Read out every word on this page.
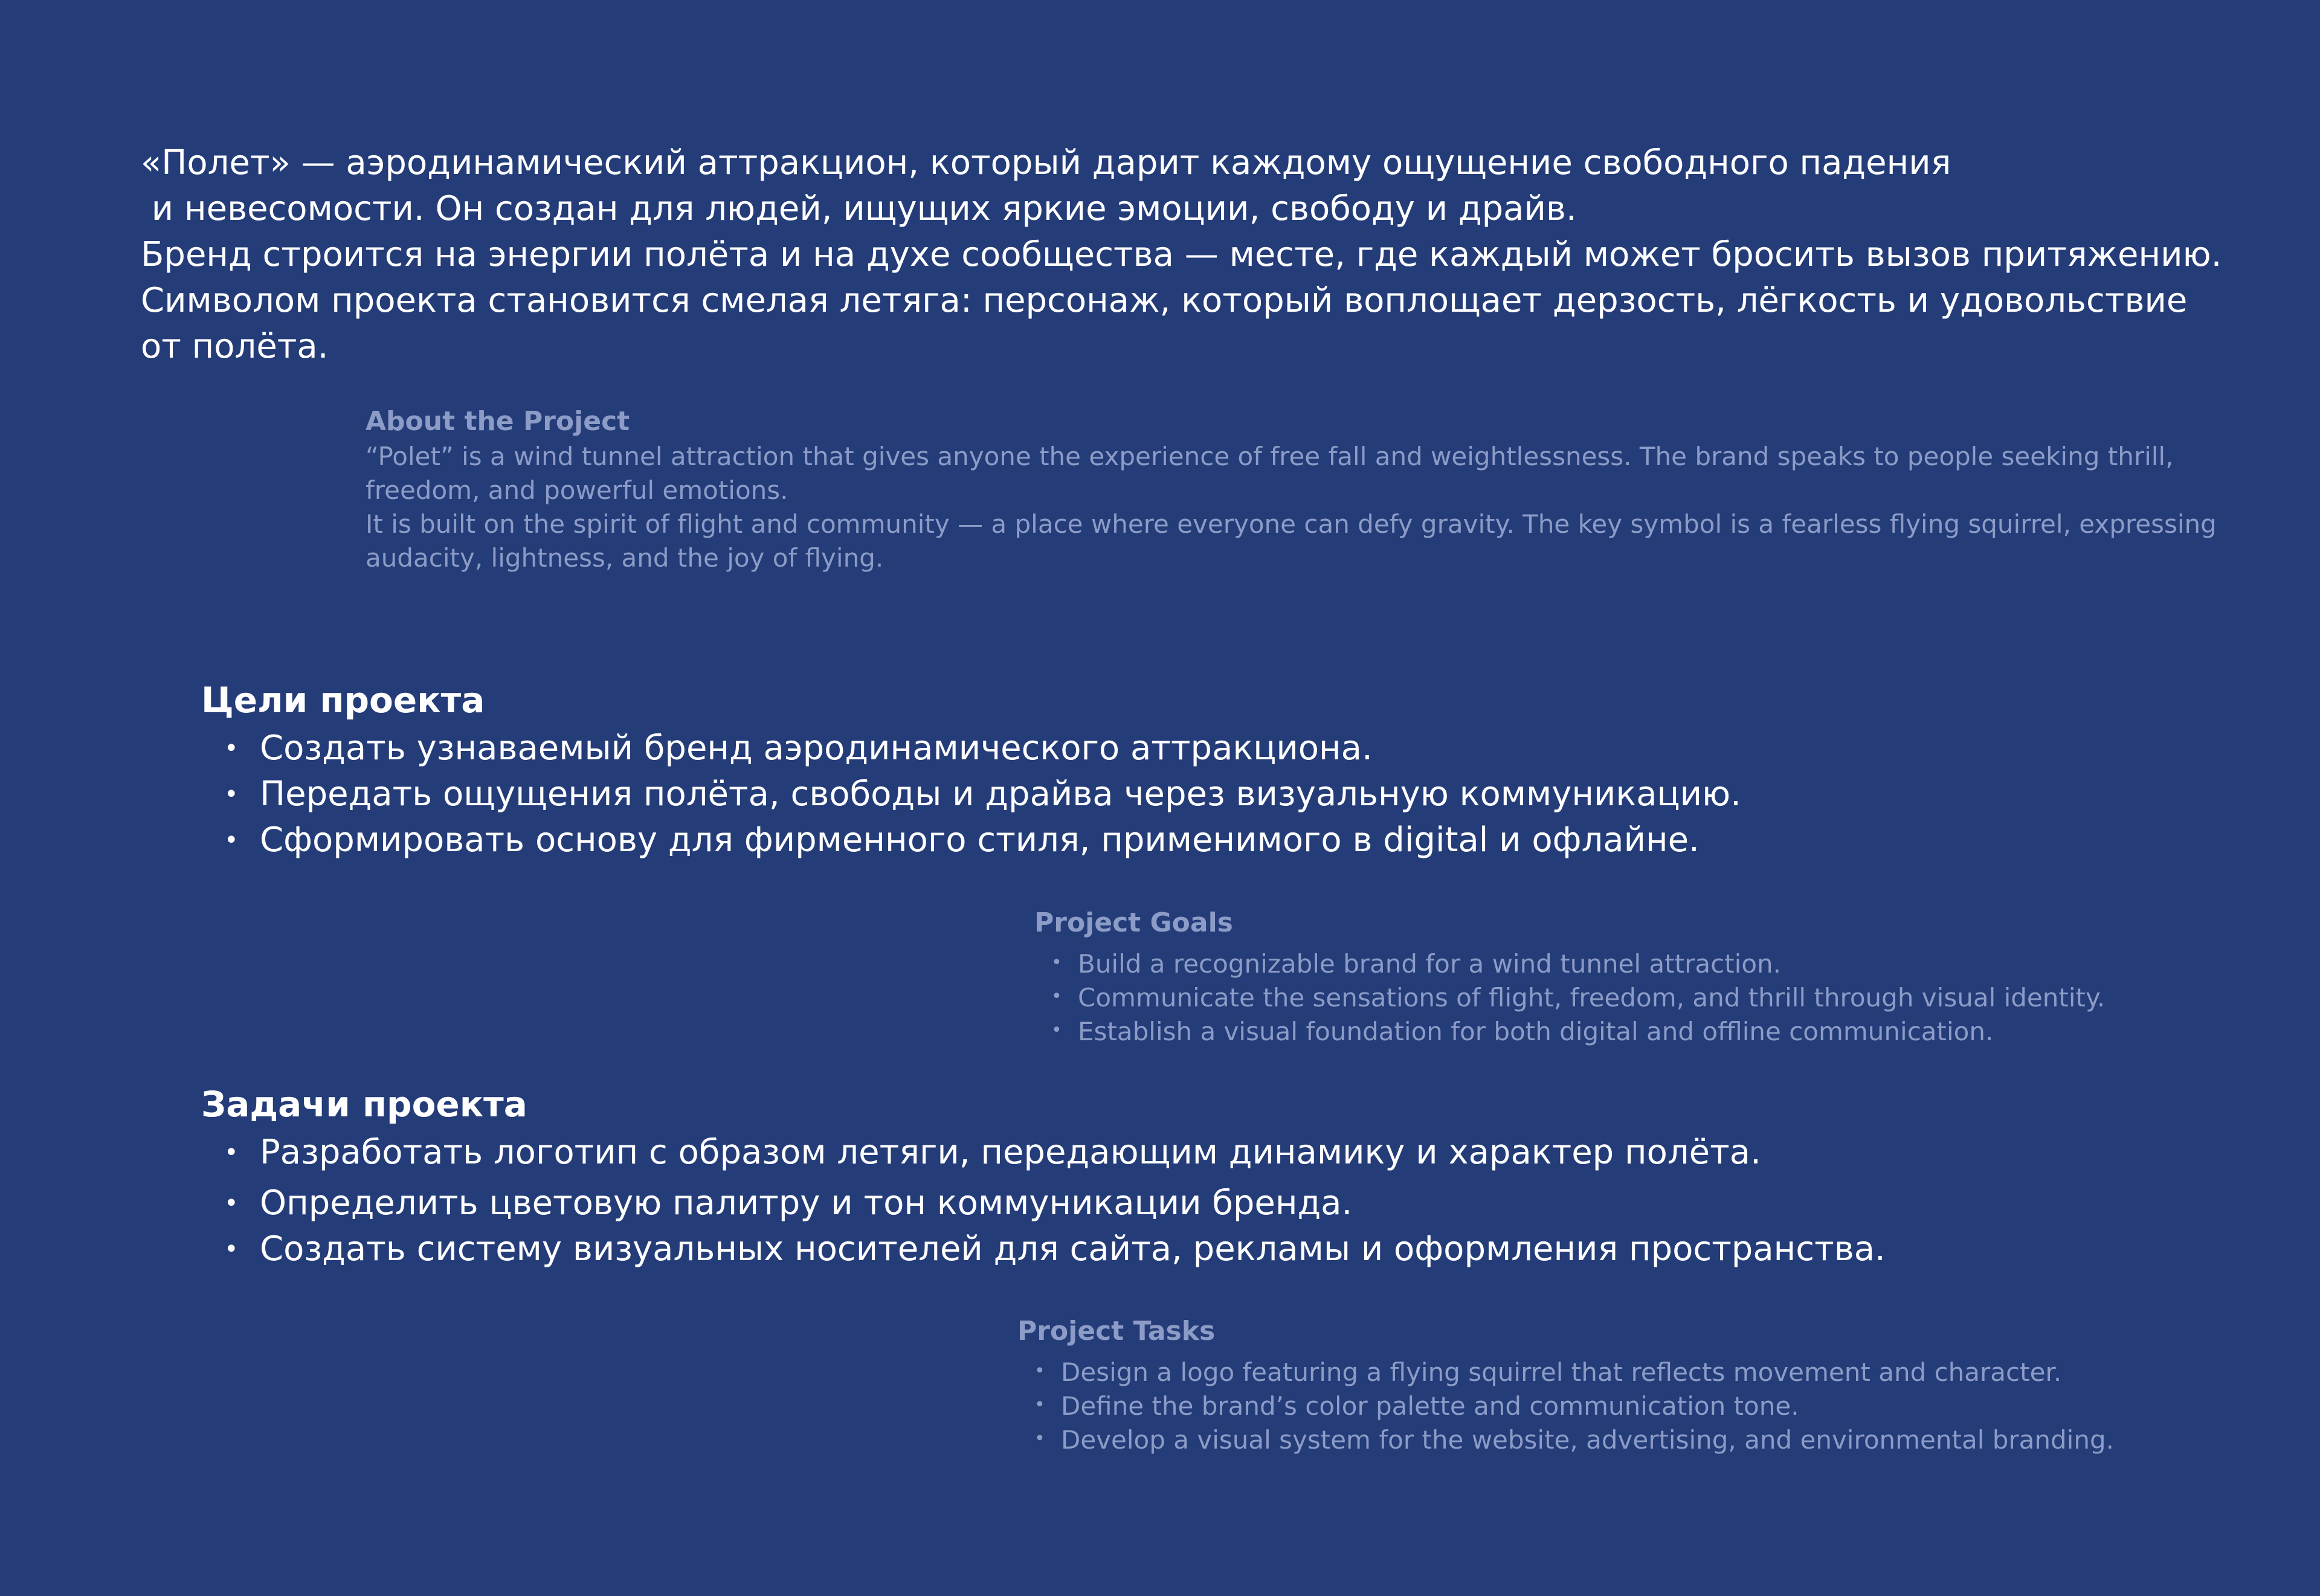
«Полет» — аэродинамический аттракцион, который дарит каждому ощущение свободного падения

и невесомости. Он создан для людей, ищущих яркие эмоции, свободу и драйв.

Бренд строится на энергии полёта и на духе сообщества — месте, где каждый может бросить вызов притяжению.

Символом проекта становится смелая летяга: персонаж, который воплощает дерзость, лёгкость и удовольствие

от полёта.

About the Project

“Polet” is a wind tunnel attraction that gives anyone the experience of free fall and weightlessness. The brand speaks to people seeking thrill,

freedom, and powerful emotions.

It is built on the spirit of flight and community — a place where everyone can defy gravity. The key symbol is a fearless flying squirrel, expressing

audacity, lightness, and the joy of flying.

Цели проекта
• Создать узнаваемый бренд аэродинамического аттракциона.
• Передать ощущения полёта, свободы и драйва через визуальную коммуникацию.
• Сформировать основу для фирменного стиля, применимого в digital и офлайне.
Project Goals
• Build a recognizable brand for a wind tunnel attraction.
• Communicate the sensations of flight, freedom, and thrill through visual identity.
• Establish a visual foundation for both digital and offline communication.
Задачи проекта
• Разработать логотип с образом летяги, передающим динамику и характер полёта.
• Определить цветовую палитру и тон коммуникации бренда.
• Создать систему визуальных носителей для сайта, рекламы и оформления пространства.
Project Tasks
• Design a logo featuring a flying squirrel that reflects movement and character.
• Define the brand’s color palette and communication tone.
• Develop a visual system for the website, advertising, and environmental branding.
